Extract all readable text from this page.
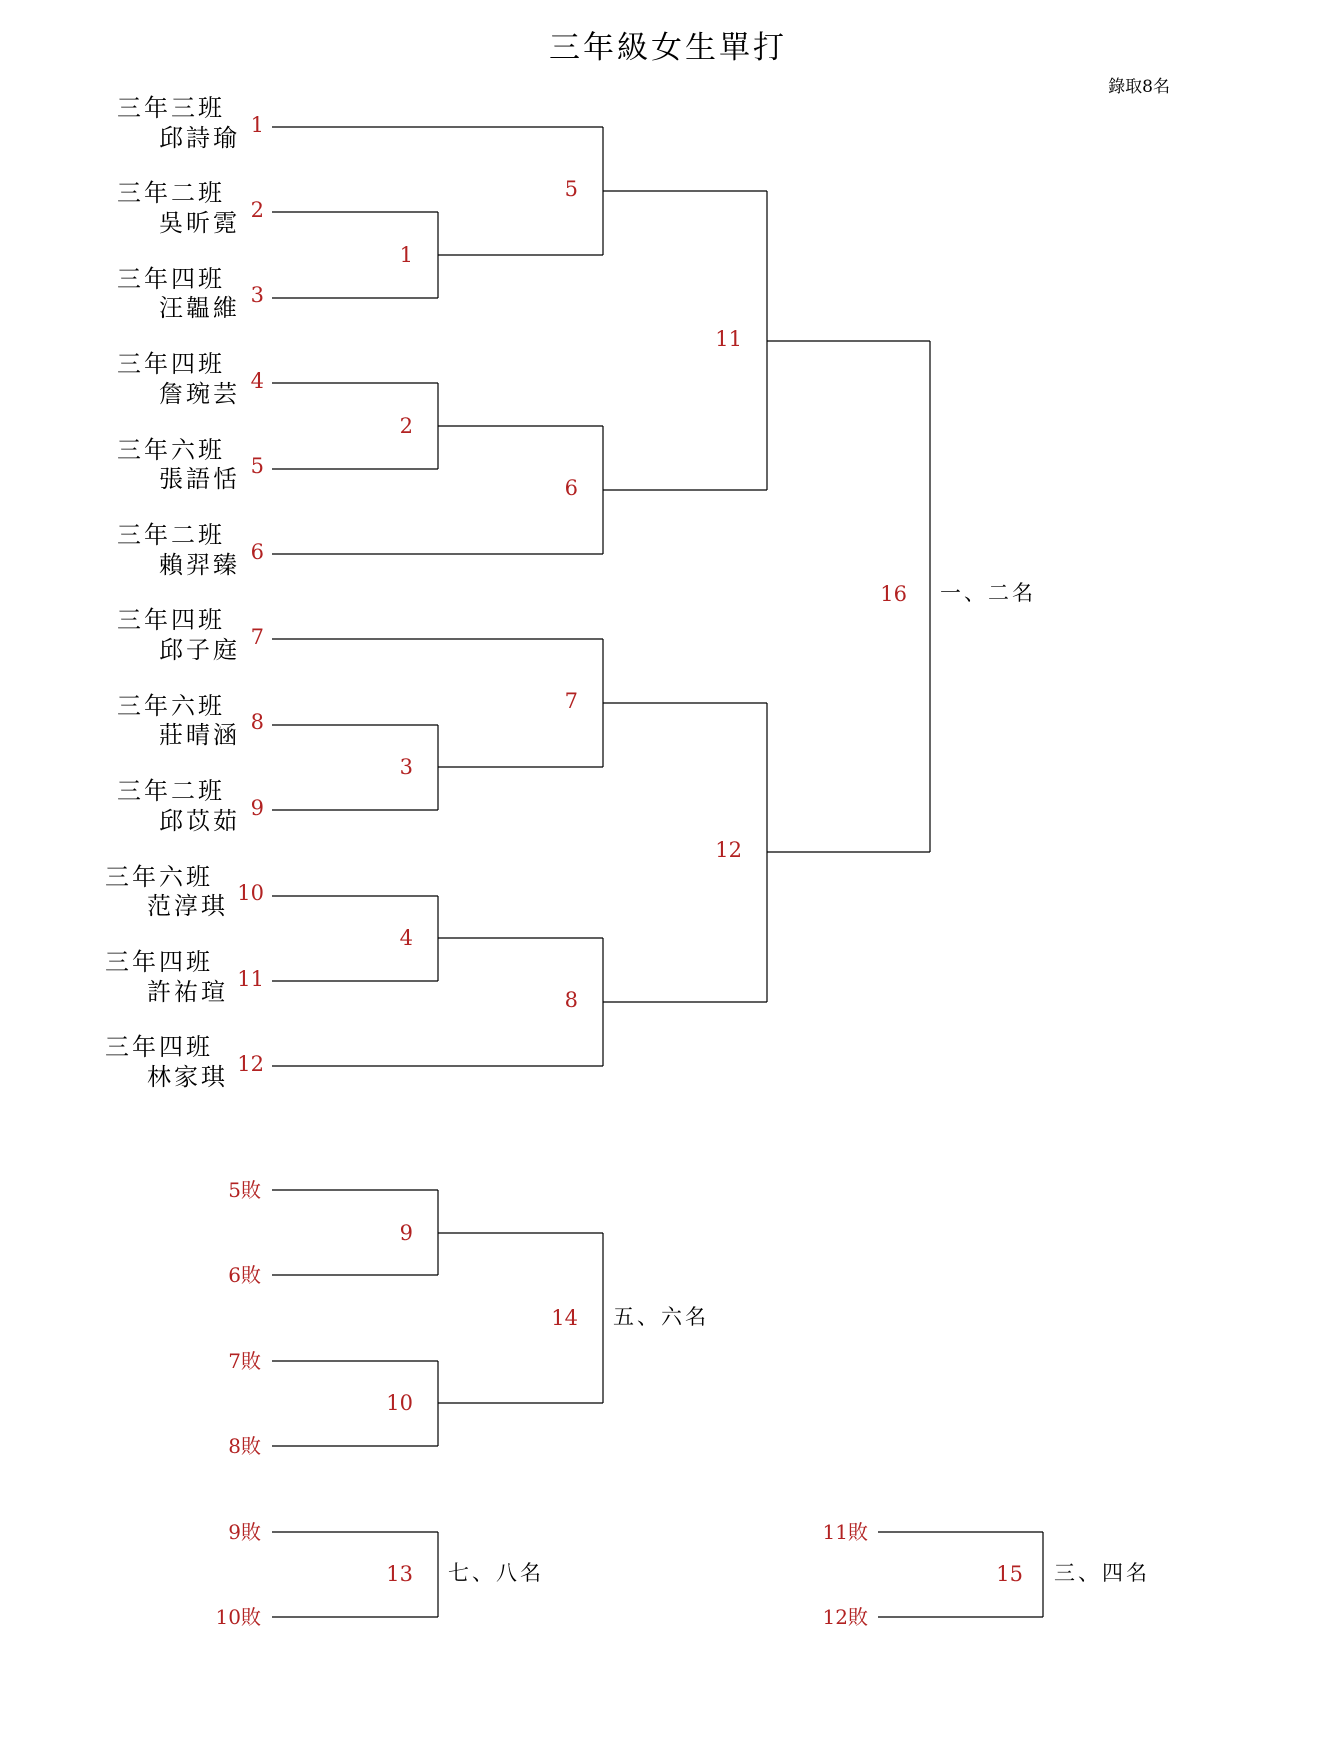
三年級女生單打
錄取8名
三年三班
邱詩瑜 1
三年二班
吳昕霓 2
三年四班
汪韞維 3
三年四班
詹琬芸 4
三年六班
張語恬 5
三年二班
賴羿臻 6
三年四班
邱子庭 7
三年六班
莊晴涵 8
三年二班
邱苡茹 9
三年六班
范淳琪 10
三年四班
許祐瑄 11
三年四班
林家琪 12
1
2
3
4
5
6
7
8
11
12
16 一、二名
5敗
6敗
7敗
8敗
9
10
14 五、六名
9敗
10敗
13 七、八名
11敗
12敗
15 三、四名
